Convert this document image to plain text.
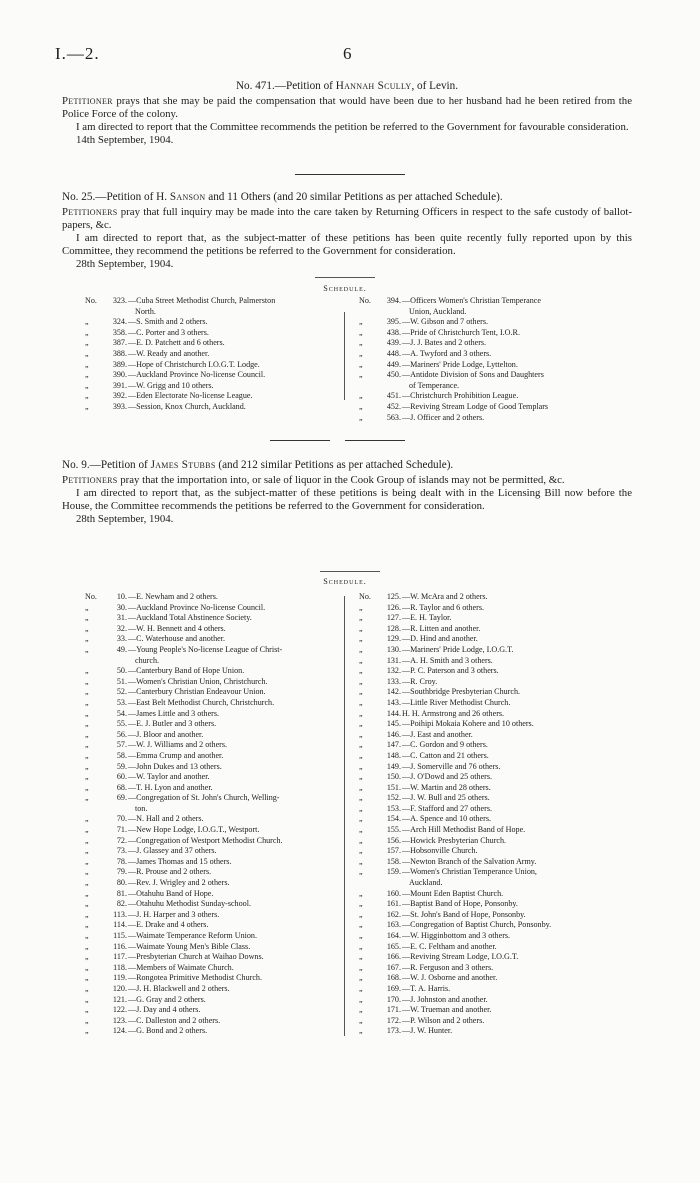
I.—2.	6
No. 471.—Petition of Hannah Scully, of Levin.

Petitioner prays that she may be paid the compensation that would have been due to her husband had he been retired from the Police Force of the colony.

I am directed to report that the Committee recommends the petition be referred to the Government for favourable consideration.

14th September, 1904.
No. 25.—Petition of H. Sanson and 11 Others (and 20 similar Petitions as per attached Schedule).

Petitioners pray that full inquiry may be made into the care taken by Returning Officers in respect to the safe custody of ballot-papers, &c.

I am directed to report that, as the subject-matter of these petitions has been quite recently fully reported upon by this Committee, they recommend the petitions be referred to the Government for consideration.

28th September, 1904.
Schedule.
No.	323. —Cuba Street Methodist Church, Palmerston
North.
„	324. —S. Smith and 2 others.
„	358. —C. Porter and 3 others.
„	387. —E. D. Patchett and 6 others.
„	388. —W. Ready and another.
„	389. —Hope of Christchurch I.O.G.T. Lodge.
„	390. —Auckland Province No-license Council.
„	391. —W. Grigg and 10 others.
„	392. —Eden Electorate No-license League.
„	393. —Session, Knox Church, Auckland.
No.	394. —Officers Women's Christian Temperance
Union, Auckland.
„	395. —W. Gibson and 7 others.
„	438. —Pride of Christchurch Tent, I.O.R.
„	439. —J. J. Bates and 2 others.
„	448. —A. Twyford and 3 others.
„	449. —Mariners' Pride Lodge, Lyttelton.
„	450. —Antidote Division of Sons and Daughters
of Temperance.
„	451. —Christchurch Prohibition League.
„	452. —Reviving Stream Lodge of Good Templars
„	563. —J. Officer and 2 others.
No. 9.—Petition of James Stubbs (and 212 similar Petitions as per attached Schedule).

Petitioners pray that the importation into, or sale of liquor in the Cook Group of islands may not be permitted, &c.

I am directed to report that, as the subject-matter of these petitions is being dealt with in the Licensing Bill now before the House, the Committee recommends the petitions be referred to the Government for consideration.

28th September, 1904.
Schedule.
No.	10. —E. Newham and 2 others.
„	30. —Auckland Province No-license Council.
„	31. —Auckland Total Abstinence Society.
„	32. —W. H. Bennett and 4 others.
„	33. —C. Waterhouse and another.
„	49. —Young People's No-license League of Christ-
church.
„	50. —Canterbury Band of Hope Union.
„	51. —Women's Christian Union, Christchurch.
„	52. —Canterbury Christian Endeavour Union.
„	53. —East Belt Methodist Church, Christchurch.
„	54. —James Little and 3 others.
„	55. —E. J. Butler and 3 others.
„	56. —J. Bloor and another.
„	57. —W. J. Williams and 2 others.
„	58. —Emma Crump and another.
„	59. —John Dukes and 13 others.
„	60. —W. Taylor and another.
„	68. —T. H. Lyon and another.
„	69. —Congregation of St. John's Church, Welling-
ton.
„	70. —N. Hall and 2 others.
„	71. —New Hope Lodge, I.O.G.T., Westport.
„	72. —Congregation of Westport Methodist Church.
„	73. —J. Glassey and 37 others.
„	78. —James Thomas and 15 others.
„	79. —R. Prouse and 2 others.
„	80. —Rev. J. Wrigley and 2 others.
„	81. —Otahuhu Band of Hope.
„	82. —Otahuhu Methodist Sunday-school.
„	113. —J. H. Harper and 3 others.
„	114. —E. Drake and 4 others.
„	115. —Waimate Temperance Reform Union.
„	116. —Waimate Young Men's Bible Class.
„	117. —Presbyterian Church at Waihao Downs.
„	118. —Members of Waimate Church.
„	119. —Rongotea Primitive Methodist Church.
„	120. —J. H. Blackwell and 2 others.
„	121. —G. Gray and 2 others.
„	122. —J. Day and 4 others.
„	123. —C. Dalleston and 2 others.
„	124. —G. Bond and 2 others.
No.	125. —W. McAra and 2 others.
„	126. —R. Taylor and 6 others.
„	127. —E. H. Taylor.
„	128. —R. Litten and another.
„	129. —D. Hind and another.
„	130. —Mariners' Pride Lodge, I.O.G.T.
„	131. —A. H. Smith and 3 others.
„	132. —P. C. Paterson and 3 others.
„	133. —R. Croy.
„	142. —Southbridge Presbyterian Church.
„	143. —Little River Methodist Church.
„	144. H. H. Armstrong and 26 others.
„	145. —Poihipi Mokaia Kohere and 10 others.
„	146. —J. East and another.
„	147. —C. Gordon and 9 others.
„	148. —C. Catton and 21 others.
„	149. —J. Somerville and 76 others.
„	150. —J. O'Dowd and 25 others.
„	151. —W. Martin and 28 others.
„	152. —J. W. Bull and 25 others.
„	153. —F. Stafford and 27 others.
„	154. —A. Spence and 10 others.
„	155. —Arch Hill Methodist Band of Hope.
„	156. —Howick Presbyterian Church.
„	157. —Hobsonville Church.
„	158. —Newton Branch of the Salvation Army.
„	159. —Women's Christian Temperance Union,
Auckland.
„	160. —Mount Eden Baptist Church.
„	161. —Baptist Band of Hope, Ponsonby.
„	162. —St. John's Band of Hope, Ponsonby.
„	163. —Congregation of Baptist Church, Ponsonby.
„	164. —W. Higginbottom and 3 others.
„	165. —E. C. Feltham and another.
„	166. —Reviving Stream Lodge, I.O.G.T.
„	167. —R. Ferguson and 3 others.
„	168. —W. J. Osborne and another.
„	169. —T. A. Harris.
„	170. —J. Johnston and another.
„	171. —W. Trueman and another.
„	172. —P. Wilson and 2 others.
„	173. —J. W. Hunter.
